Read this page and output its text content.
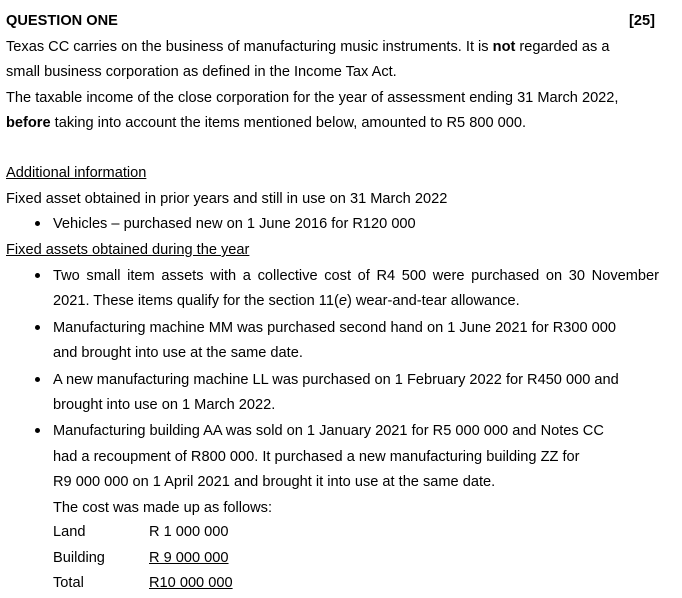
QUESTION ONE	[25]
Texas CC carries on the business of manufacturing music instruments. It is not regarded as a
small business corporation as defined in the Income Tax Act.
The taxable income of the close corporation for the year of assessment ending 31 March 2022,
before taking into account the items mentioned below, amounted to R5 800 000.
Additional information
Fixed asset obtained in prior years and still in use on 31 March 2022
Vehicles – purchased new on 1 June 2016 for R120 000
Fixed assets obtained during the year
Two small item assets with a collective cost of R4 500 were purchased on 30 November
2021. These items qualify for the section 11(e) wear-and-tear allowance.
Manufacturing machine MM was purchased second hand on 1 June 2021 for R300 000
and brought into use at the same date.
A new manufacturing machine LL was purchased on 1 February 2022 for R450 000 and
brought into use on 1 March 2022.
Manufacturing building AA was sold on 1 January 2021 for R5 000 000 and Notes CC
had a recoupment of R800 000. It purchased a new manufacturing building ZZ for
R9 000 000 on 1 April 2021 and brought it into use at the same date.
The cost was made up as follows:
Land	R 1 000 000
Building	R 9 000 000
Total	R10 000 000
